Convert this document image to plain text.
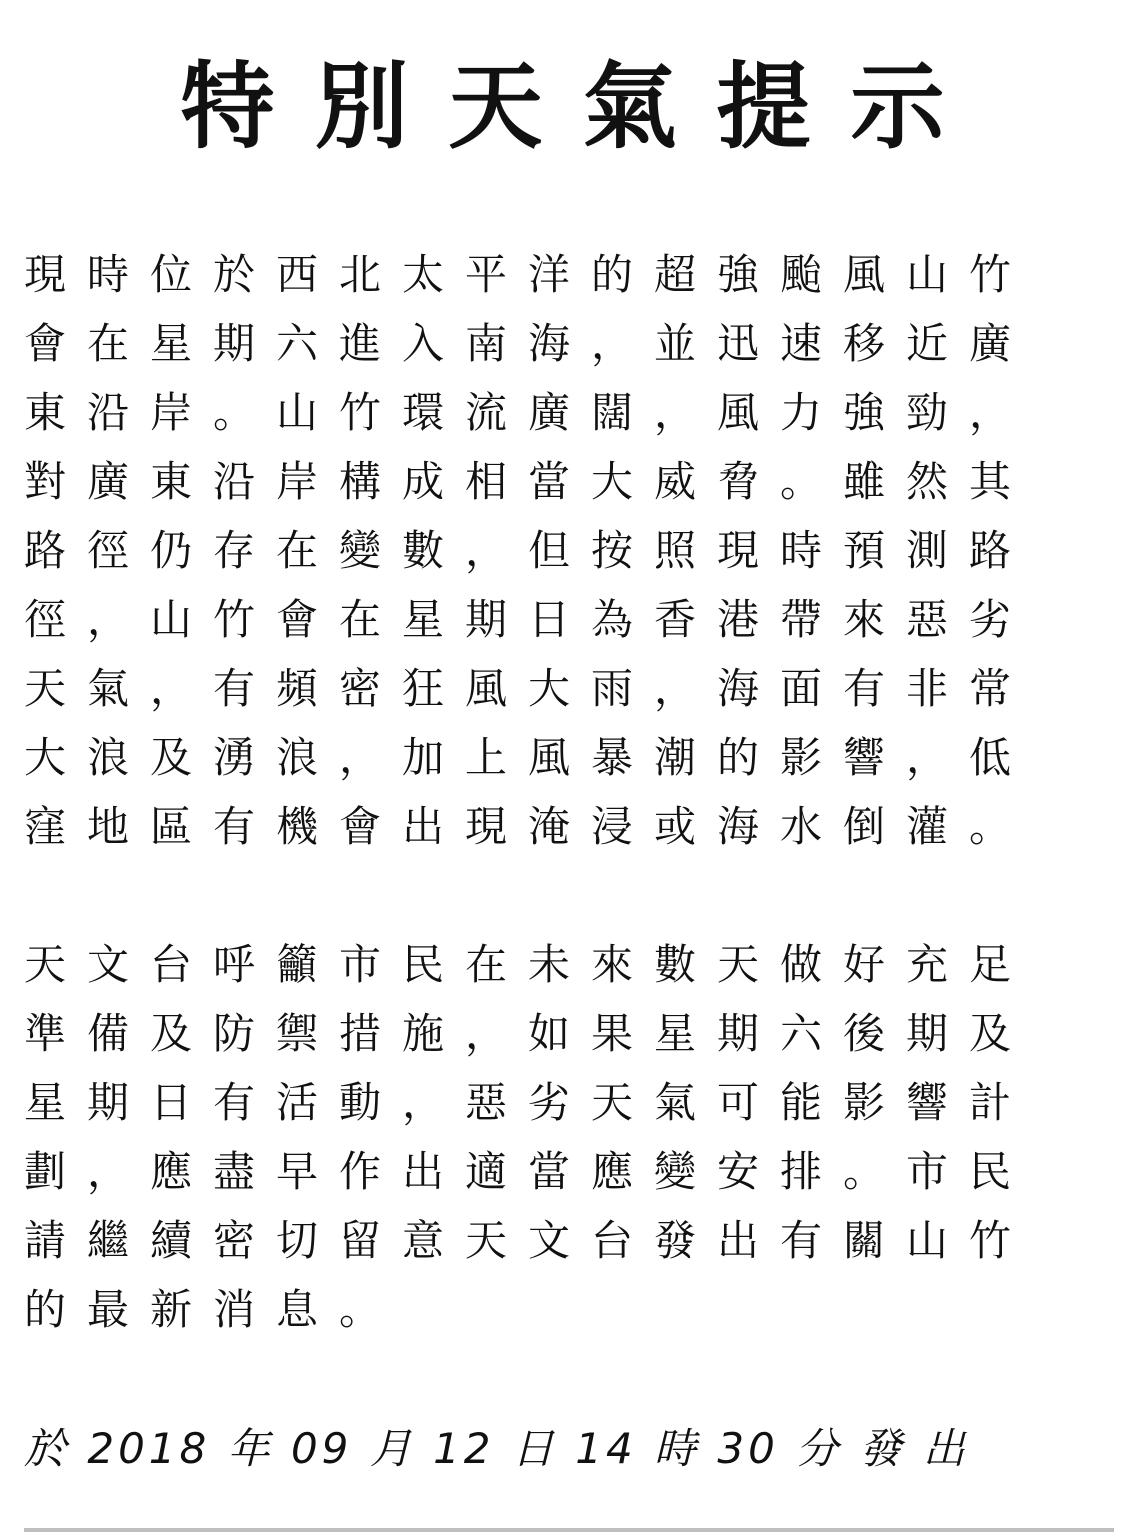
特別天氣提示

現時位於西北太平洋的超強颱風山竹會在星期六進入南海，並迅速移近廣東沿岸。山竹環流廣闊，風力強勁，對廣東沿岸構成相當大威脅。雖然其路徑仍存在變數，但按照現時預測路徑，山竹會在星期日為香港帶來惡劣天氣，有頻密狂風大雨，海面有非常大浪及湧浪，加上風暴潮的影響，低窪地區有機會出現淹浸或海水倒灌。

天文台呼籲市民在未來數天做好充足準備及防禦措施，如果星期六後期及星期日有活動，惡劣天氣可能影響計劃，應盡早作出適當應變安排。市民請繼續密切留意天文台發出有關山竹的最新消息。

於 2018 年 09 月 12 日 14 時 30 分 發 出
